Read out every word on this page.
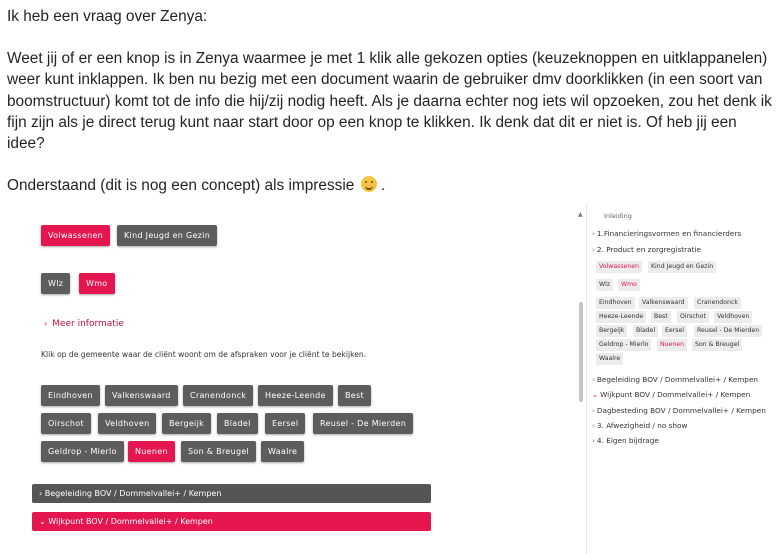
Ik heb een vraag over Zenya:

Weet jij of er een knop is in Zenya waarmee je met 1 klik alle gekozen opties (keuzeknoppen en uitklappanelen) weer kunt inklappen. Ik ben nu bezig met een document waarin de gebruiker dmv doorklikken (in een soort van boomstructuur) komt tot de info die hij/zij nodig heeft. Als je daarna echter nog iets wil opzoeken, zou het denk ik fijn zijn als je direct terug kunt naar start door op een knop te klikken. Ik denk dat dit er niet is. Of heb jij een idee?

Onderstaand (dit is nog een concept) als impressie .

Volwassenen	Kind Jeugd en Gezin
Wlz	Wmo
› Meer informatie
Klik op de gemeente waar de cliënt woont om de afspraken voor je cliënt te bekijken.
Eindhoven	Valkenswaard	Cranendonck	Heeze-Leende	Best
Oirschot	Veldhoven	Bergeijk	Bladel	Eersel	Reusel - De Mierden
Geldrop - Mierlo	Nuenen	Son & Breugel	Waalre
› Begeleiding BOV / Dommelvallei+ / Kempen
⌄ Wijkpunt BOV / Dommelvallei+ / Kempen
▲	Inleiding
› 1.Financieringsvormen en financierders
› 2. Product en zorgregistratie
Volwassenen	Kind Jeugd en Gezin
Wlz	Wmo
Eindhoven	Valkenswaard	Cranendonck
Heeze-Leende	Best	Oirschot	Veldhoven
Bergeijk	Bladel	Eersel	Reusel - De Mierden
Geldrop - Mierlo	Nuenen	Son & Breugel
Waalre
› Begeleiding BOV / Dommelvallei+ / Kempen
⌄ Wijkpunt BOV / Dommelvallei+ / Kempen
› Dagbesteding BOV / Dommelvallei+ / Kempen
› 3. Afwezigheid / no show
› 4. Eigen bijdrage
